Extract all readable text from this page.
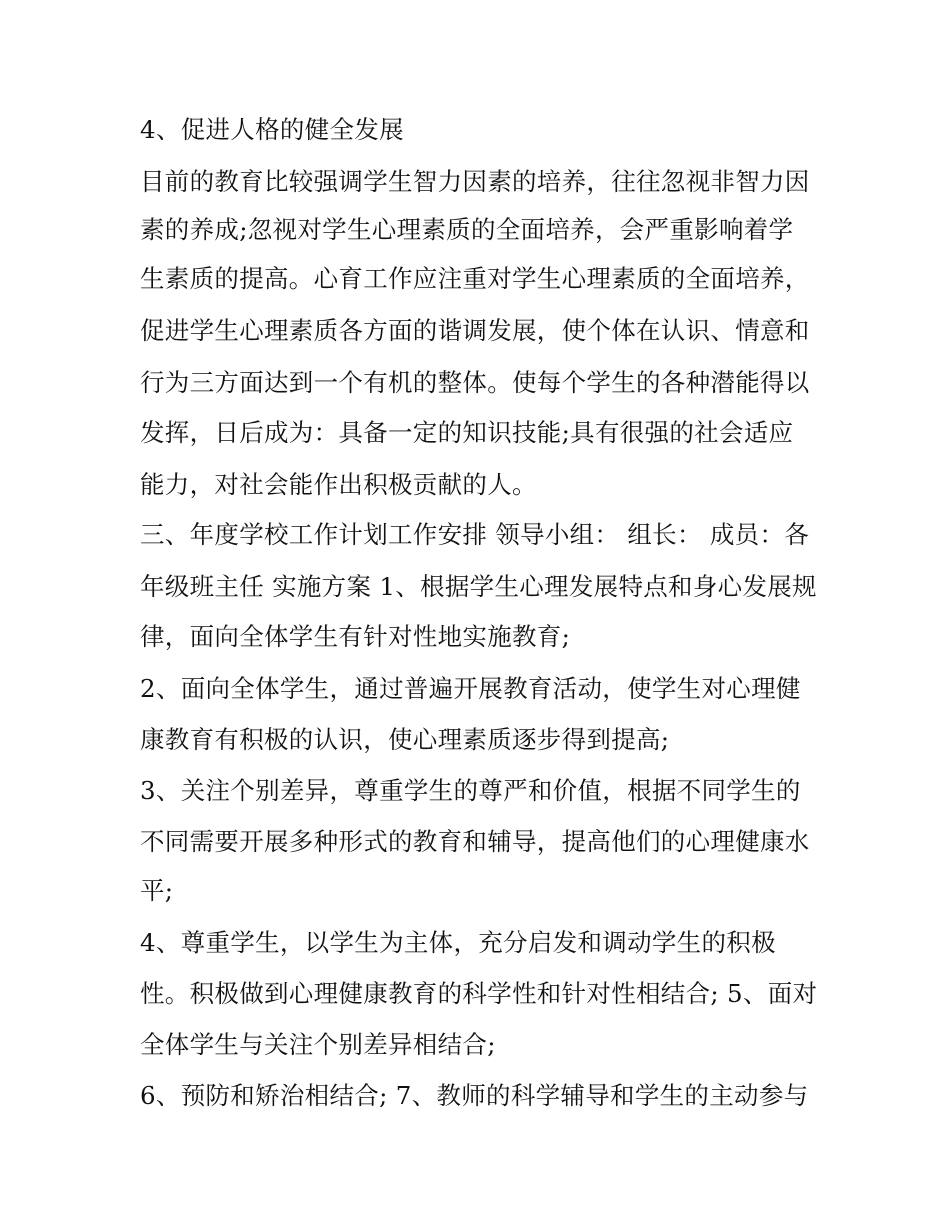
4、促进人格的健全发展
目前的教育比较强调学生智力因素的培养，往往忽视非智力因
素的养成;忽视对学生心理素质的全面培养，会严重影响着学
生素质的提高。心育工作应注重对学生心理素质的全面培养，
促进学生心理素质各方面的谐调发展，使个体在认识、情意和
行为三方面达到一个有机的整体。使每个学生的各种潜能得以
发挥，日后成为：具备一定的知识技能;具有很强的社会适应
能力，对社会能作出积极贡献的人。
三、年度学校工作计划工作安排 领导小组： 组长： 成员：各
年级班主任 实施方案 1、根据学生心理发展特点和身心发展规
律，面向全体学生有针对性地实施教育;
2、面向全体学生，通过普遍开展教育活动，使学生对心理健
康教育有积极的认识，使心理素质逐步得到提高;
3、关注个别差异，尊重学生的尊严和价值，根据不同学生的
不同需要开展多种形式的教育和辅导，提高他们的心理健康水
平;
4、尊重学生，以学生为主体，充分启发和调动学生的积极
性。积极做到心理健康教育的科学性和针对性相结合; 5、面对
全体学生与关注个别差异相结合;
6、预防和矫治相结合; 7、教师的科学辅导和学生的主动参与
